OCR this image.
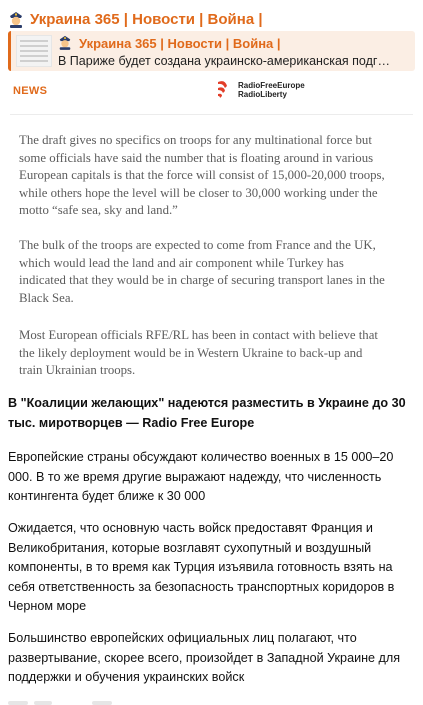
Украина 365 | Новости | Война |
Украина 365 | Новости | Война |
В Париже будет создана украинско-американская подг…
NEWS	RadioFreeEurope
RadioLiberty
The draft gives no specifics on troops for any multinational force but
some officials have said the number that is floating around in various
European capitals is that the force will consist of 15,000-20,000 troops,
while others hope the level will be closer to 30,000 working under the
motto “safe sea, sky and land.”
The bulk of the troops are expected to come from France and the UK,
which would lead the land and air component while Turkey has
indicated that they would be in charge of securing transport lanes in the
Black Sea.
Most European officials RFE/RL has been in contact with believe that
the likely deployment would be in Western Ukraine to back-up and
train Ukrainian troops.
В "Коалиции желающих" надеются разместить в Украине до 30 тыс. миротворцев — Radio Free Europe
Европейские страны обсуждают количество военных в 15 000–20 000. В то же время другие выражают надежду, что численность контингента будет ближе к 30 000
Ожидается, что основную часть войск предоставят Франция и Великобритания, которые возглавят сухопутный и воздушный компоненты, в то время как Турция изъявила готовность взять на себя ответственность за безопасность транспортных коридоров в Черном море
Большинство европейских официальных лиц полагают, что развертывание, скорее всего, произойдет в Западной Украине для поддержки и обучения украинских войск
